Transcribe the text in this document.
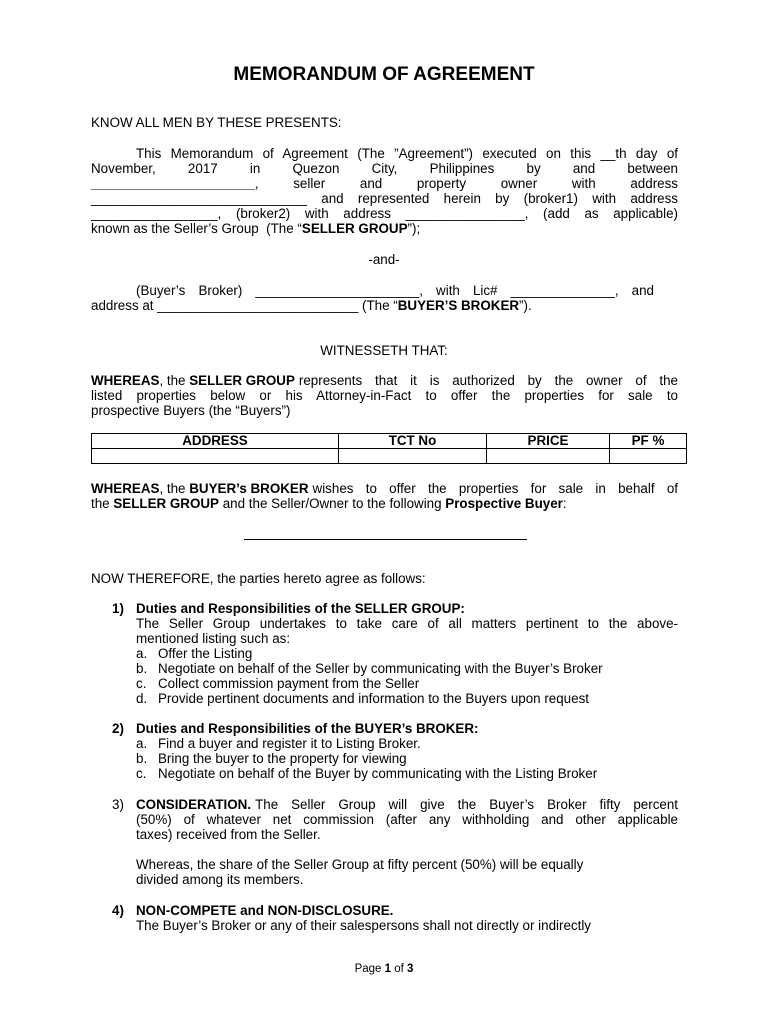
MEMORANDUM OF AGREEMENT
KNOW ALL MEN BY THESE PRESENTS:
This Memorandum of Agreement (The ”Agreement”) executed on this __th day of
November, 2017 in Quezon City, Philippines by and between
______________________ , seller and property owner with address
_____________________________ and represented herein by (broker1) with address
_________________, (broker2) with address ________________, (add as applicable)
known as the Seller’s Group  (The “SELLER GROUP”);
-and-
(Buyer’s Broker) ______________________, with Lic# ______________, and
address at ___________________________ (The “BUYER’S BROKER”).
WITNESSETH THAT:
WHEREAS , the SELLER GROUP represents that it is authorized by the owner of the
listed properties below or his Attorney-in-Fact to offer the properties for sale to
prospective Buyers (the “Buyers”)
ADDRESS	TCT No	PRICE	PF %

WHEREAS , the BUYER’s BROKER wishes to offer the properties for sale in behalf of
the SELLER GROUP and the Seller/Owner to the following Prospective Buyer:
NOW THEREFORE, the parties hereto agree as follows:
1) Duties and Responsibilities of the SELLER GROUP:
The Seller Group undertakes to take care of all matters pertinent to the above-
mentioned listing such as:
a. Offer the Listing
b. Negotiate on behalf of the Seller by communicating with the Buyer’s Broker
c. Collect commission payment from the Seller
d. Provide pertinent documents and information to the Buyers upon request
2) Duties and Responsibilities of the BUYER’s BROKER:
a. Find a buyer and register it to Listing Broker.
b. Bring the buyer to the property for viewing
c. Negotiate on behalf of the Buyer by communicating with the Listing Broker
3) CONSIDERATION. The Seller Group will give the Buyer’s Broker fifty percent
(50%) of whatever net commission (after any withholding and other applicable
taxes) received from the Seller.
Whereas, the share of the Seller Group at fifty percent (50%) will be equally
divided among its members.
4) NON-COMPETE and NON-DISCLOSURE.
The Buyer’s Broker or any of their salespersons shall not directly or indirectly
Page 1 of 3
